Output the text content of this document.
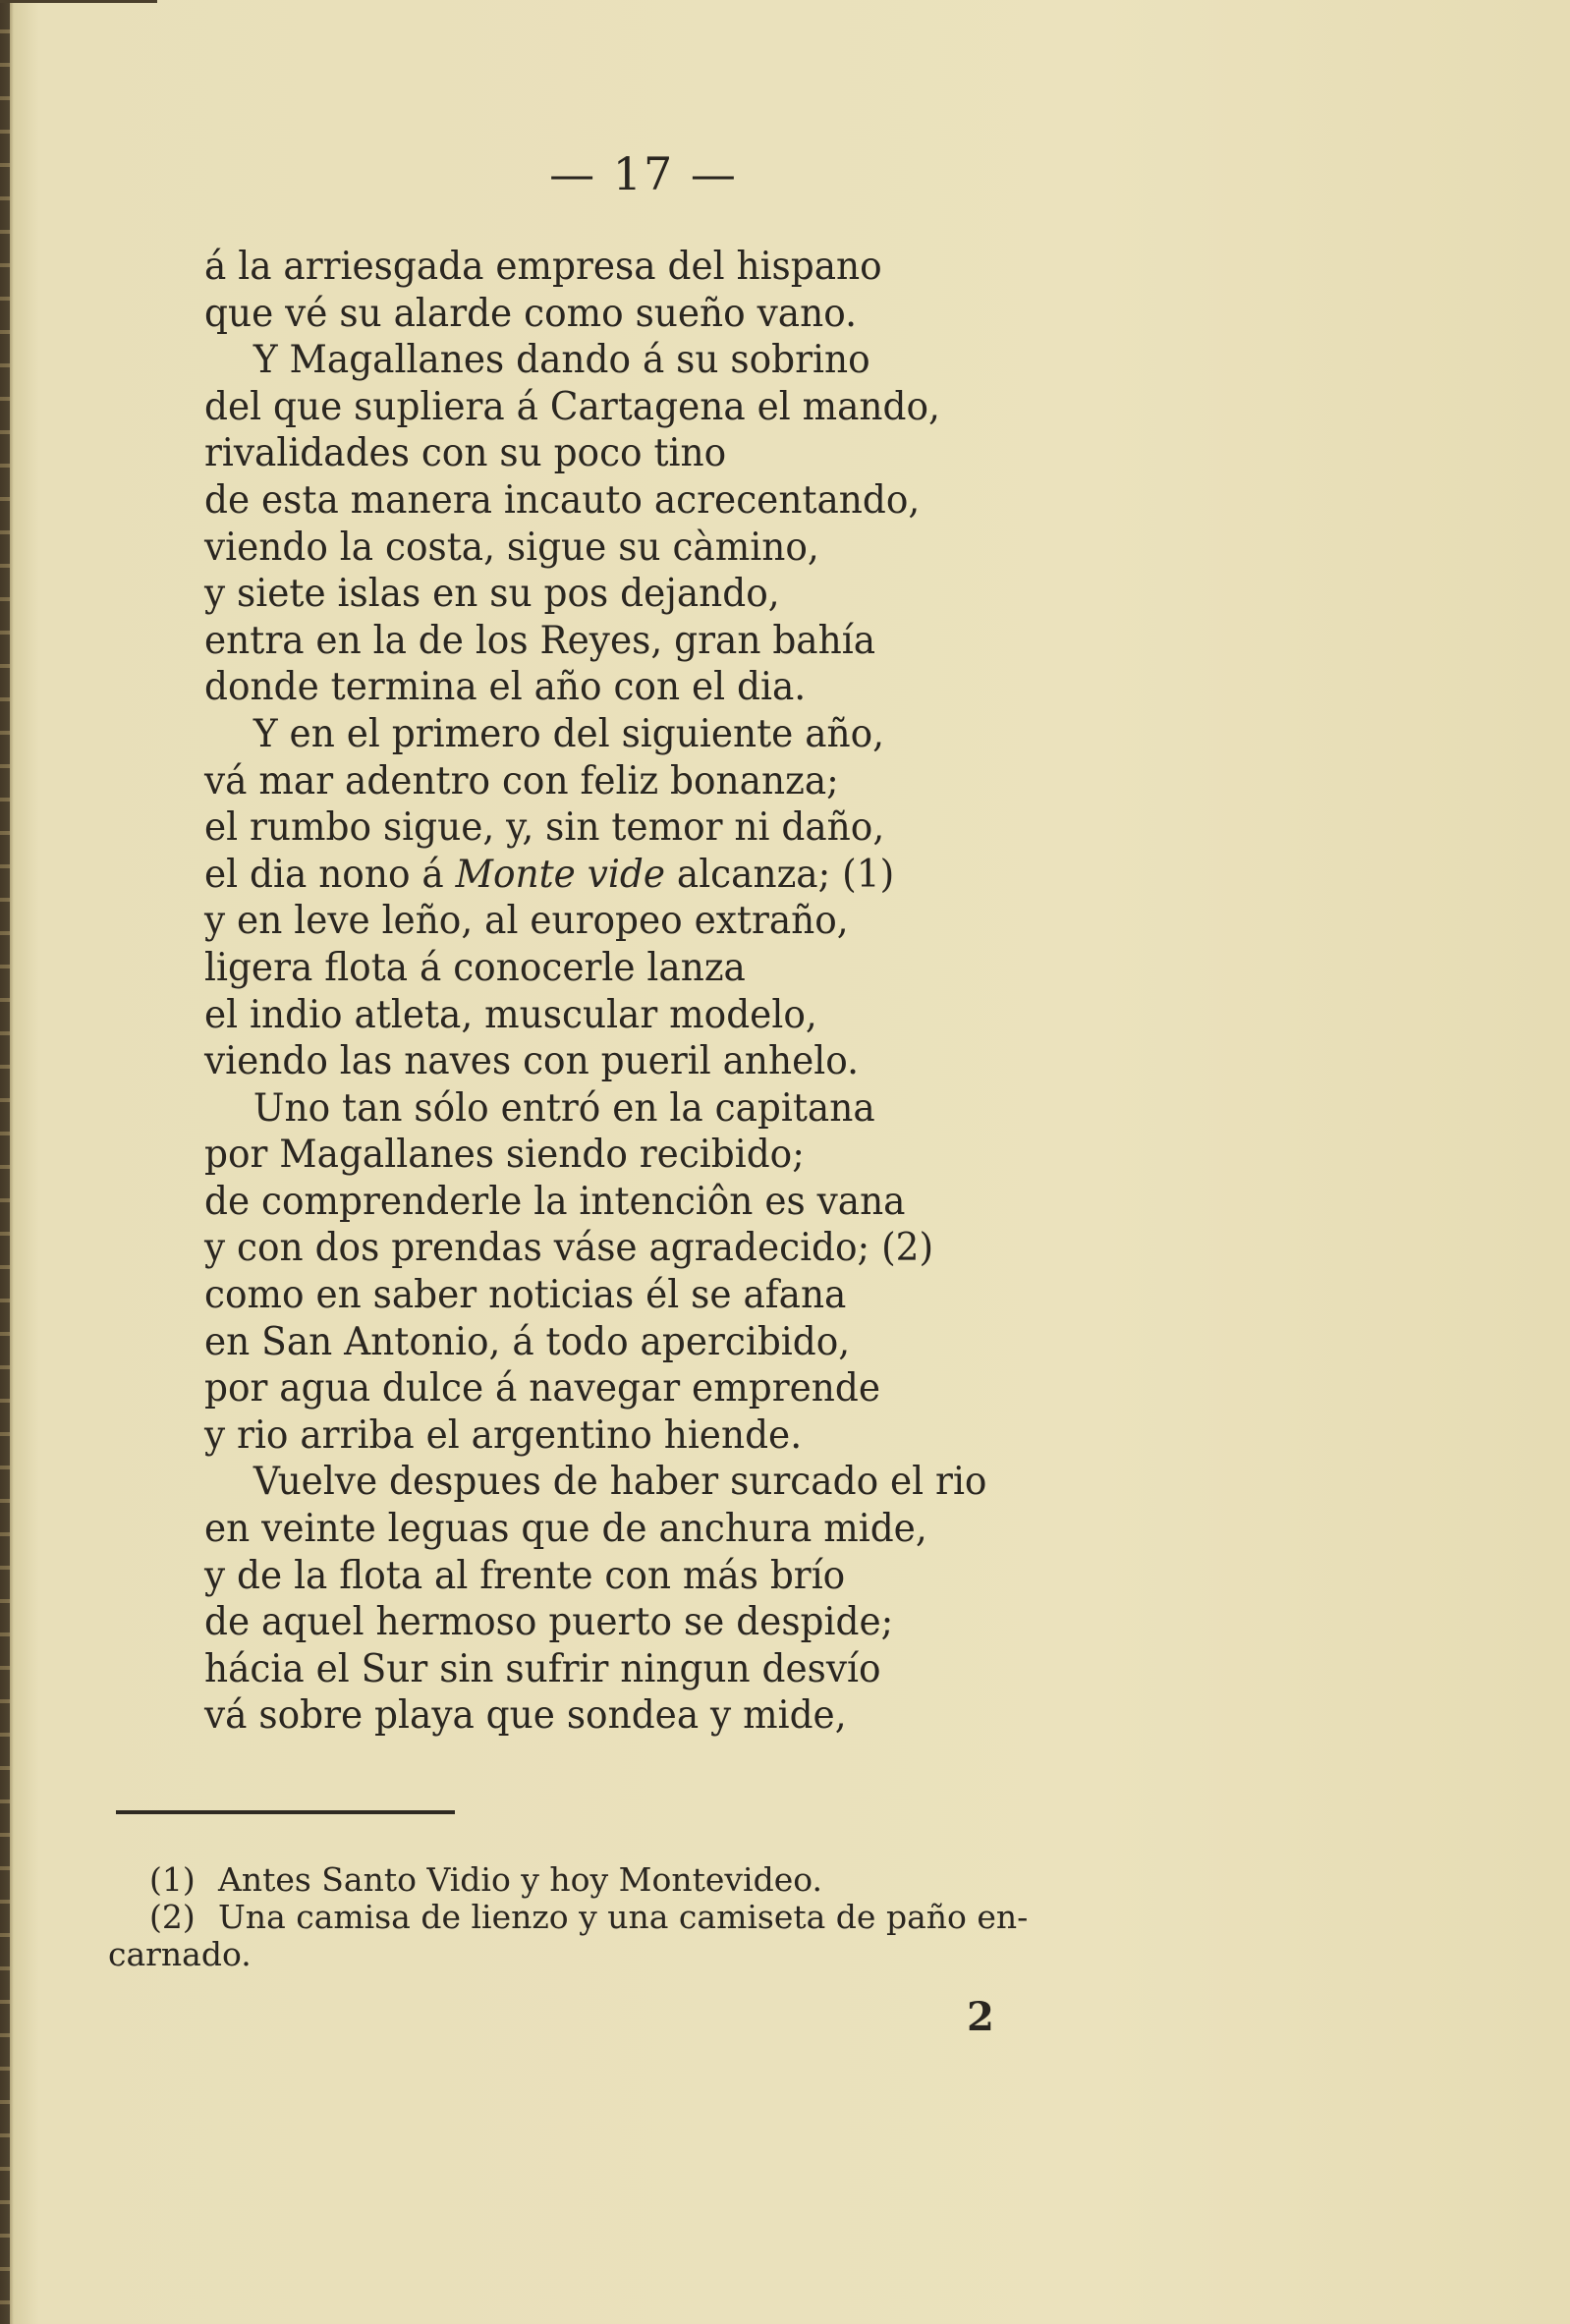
— 17 —
á la arriesgada empresa del hispano
que vé su alarde como sueño vano.
Y Magallanes dando á su sobrino
del que supliera á Cartagena el mando,
rivalidades con su poco tino
de esta manera incauto acrecentando,
viendo la costa, sigue su càmino,
y siete islas en su pos dejando,
entra en la de los Reyes, gran bahía
donde termina el año con el dia.
Y en el primero del siguiente año,
vá mar adentro con feliz bonanza;
el rumbo sigue, y, sin temor ni daño,
el dia nono á Monte vide alcanza; (1)
y en leve leño, al europeo extraño,
ligera flota á conocerle lanza
el indio atleta, muscular modelo,
viendo las naves con pueril anhelo.
Uno tan sólo entró en la capitana
por Magallanes siendo recibido;
de comprenderle la intenciôn es vana
y con dos prendas váse agradecido; (2)
como en saber noticias él se afana
en San Antonio, á todo apercibido,
por agua dulce á navegar emprende
y rio arriba el argentino hiende.
Vuelve despues de haber surcado el rio
en veinte leguas que de anchura mide,
y de la flota al frente con más brío
de aquel hermoso puerto se despide;
hácia el Sur sin sufrir ningun desvío
vá sobre playa que sondea y mide,
(1) Antes Santo Vidio y hoy Montevideo.
(2) Una camisa de lienzo y una camiseta de paño en-
carnado.
2
